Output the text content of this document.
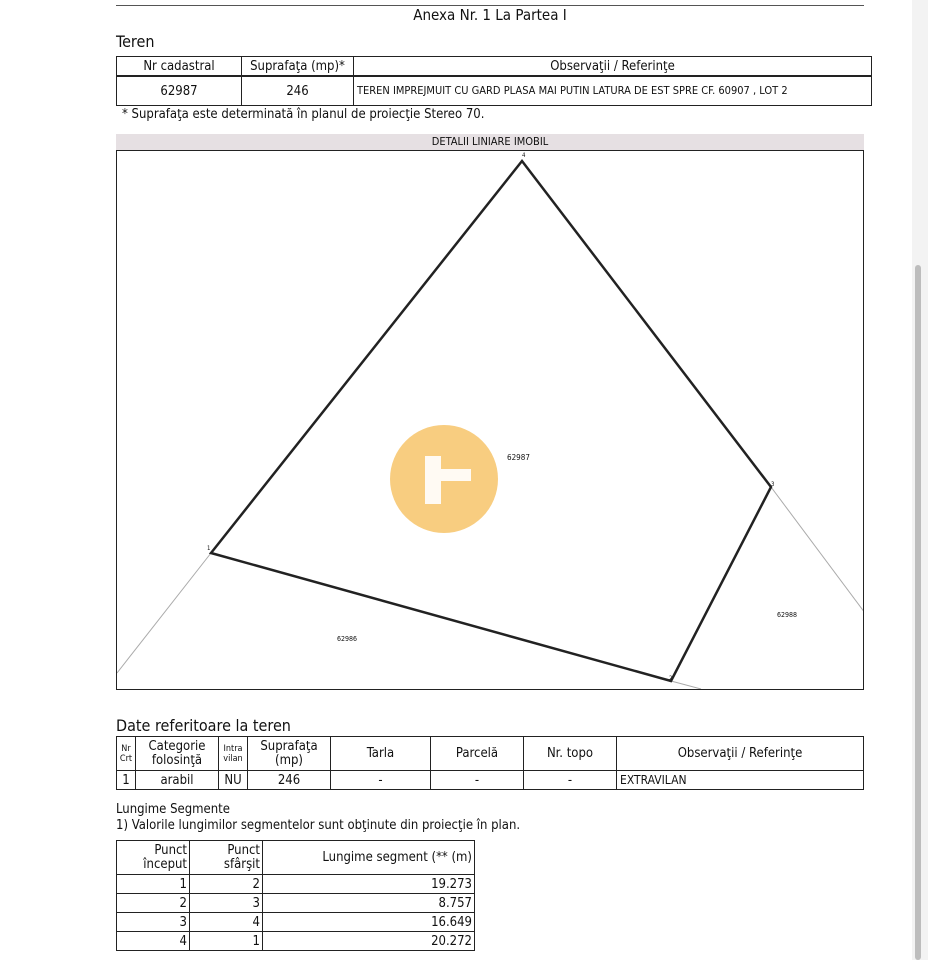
Anexa Nr. 1 La Partea I
Teren
Nr cadastral	Suprafaţa (mp)*	Observaţii / Referinţe
62987	246	TEREN IMPREJMUIT CU GARD PLASA MAI PUTIN LATURA DE EST SPRE CF. 60907 , LOT 2
* Suprafaţa este determinată în planul de proiecţie Stereo 70.
DETALII LINIARE IMOBIL
62987
62986
62988
1
2
3
4
Date referitoare la teren
Nr Crt	Categorie folosinţă	Intra vilan	Suprafaţa (mp)	Tarla	Parcelă	Nr. topo	Observaţii / Referinţe
1	arabil	NU	246	-	-	-	EXTRAVILAN
Lungime Segmente
1) Valorile lungimilor segmentelor sunt obţinute din proiecţie în plan.
Punct început	Punct sfârşit	Lungime segment (** (m)
1	2	19.273
2	3	8.757
3	4	16.649
4	1	20.272
